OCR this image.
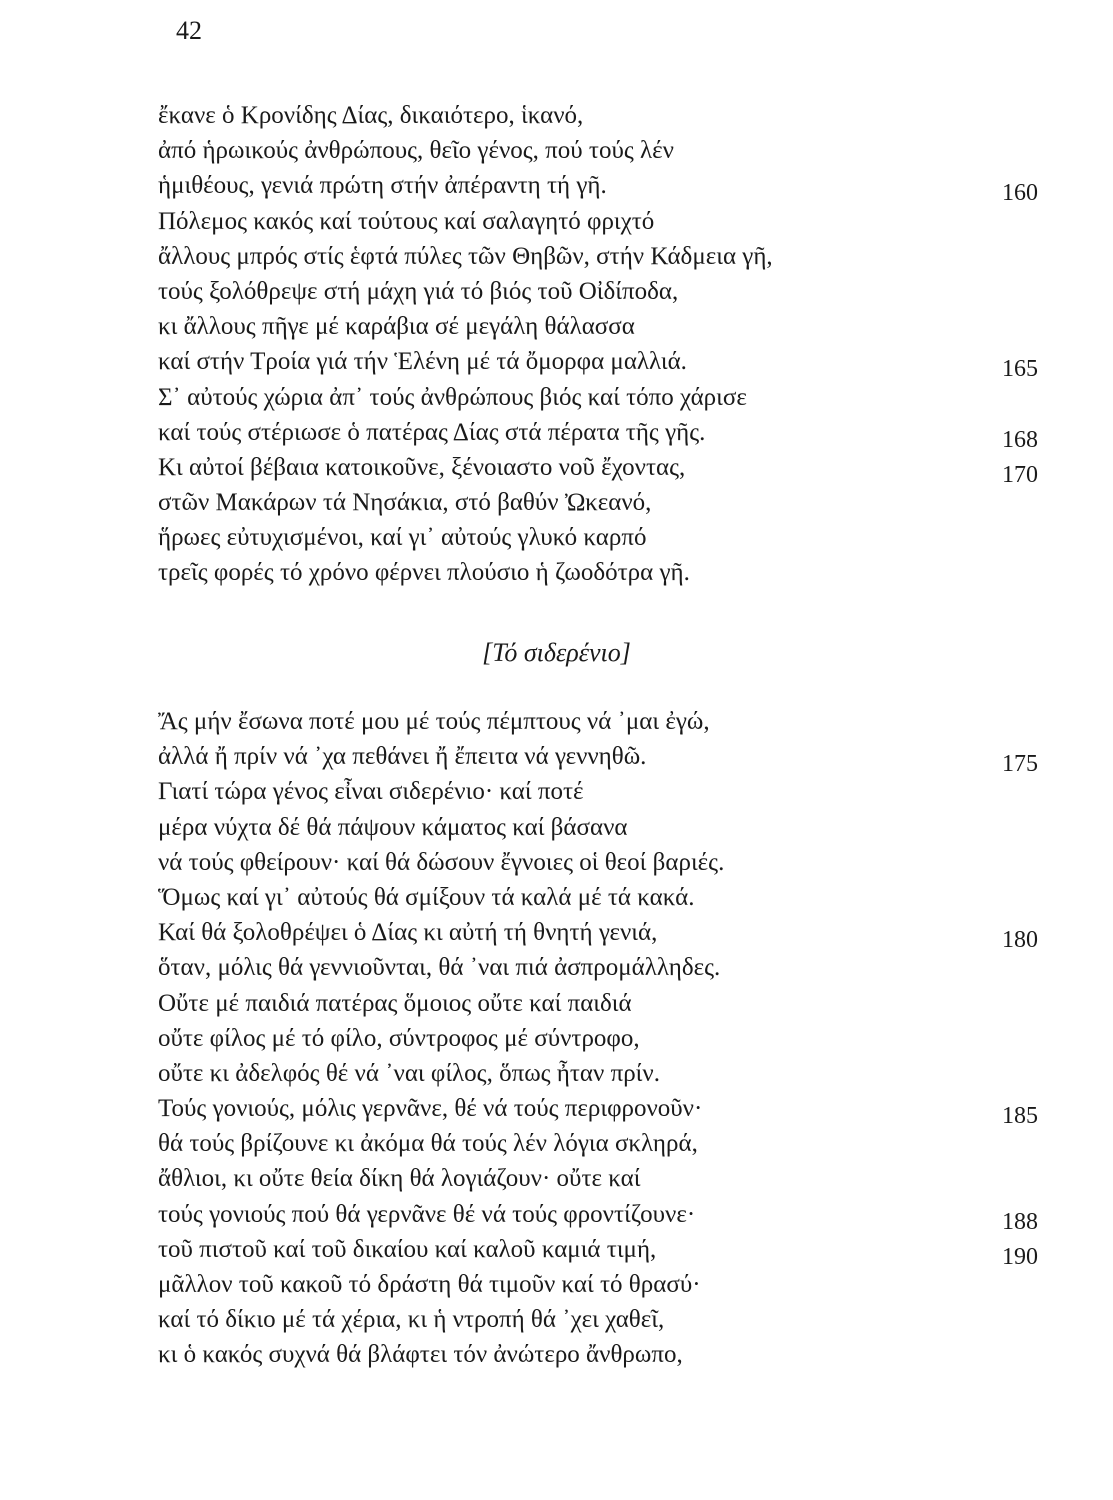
42
ἔκανε ὁ Κρονίδης Δίας, δικαιότερο, ἱκανό,
ἀπό ἡρωικούς ἀνθρώπους, θεῖο γένος, πού τούς λέν
ἡμιθέους, γενιά πρώτη στήν ἀπέραντη τή γῆ.	160
Πόλεμος κακός καί τούτους καί σαλαγητό φριχτό
ἄλλους μπρός στίς ἑφτά πύλες τῶν Θηβῶν, στήν Κάδμεια γῆ,
τούς ξολόθρεψε στή μάχη γιά τό βιός τοῦ Οἰδίποδα,
κι ἄλλους πῆγε μέ καράβια σέ μεγάλη θάλασσα
καί στήν Τροία γιά τήν Ἑλένη μέ τά ὄμορφα μαλλιά.	165
Σ᾽ αὐτούς χώρια ἀπ᾽ τούς ἀνθρώπους βιός καί τόπο χάρισε
καί τούς στέριωσε ὁ πατέρας Δίας στά πέρατα τῆς γῆς.	168
Κι αὐτοί βέβαια κατοικοῦνε, ξένοιαστο νοῦ ἔχοντας,	170
στῶν Μακάρων τά Νησάκια, στό βαθύν Ὠκεανό,
ἥρωες εὐτυχισμένοι, καί γι᾽ αὐτούς γλυκό καρπό
τρεῖς φορές τό χρόνο φέρνει πλούσιο ἡ ζωοδότρα γῆ.
[Τό σιδερένιο]
Ἄς μήν ἔσωνα ποτέ μου μέ τούς πέμπτους νά ᾽μαι ἐγώ,
ἀλλά ἤ πρίν νά ᾽χα πεθάνει ἤ ἔπειτα νά γεννηθῶ.	175
Γιατί τώρα γένος εἶναι σιδερένιο· καί ποτέ
μέρα νύχτα δέ θά πάψουν κάματος καί βάσανα
νά τούς φθείρουν· καί θά δώσουν ἔγνοιες οἱ θεοί βαριές.
Ὅμως καί γι᾽ αὐτούς θά σμίξουν τά καλά μέ τά κακά.
Καί θά ξολοθρέψει ὁ Δίας κι αὐτή τή θνητή γενιά,	180
ὅταν, μόλις θά γεννιοῦνται, θά ᾽ναι πιά ἀσπρομάλληδες.
Οὔτε μέ παιδιά πατέρας ὅμοιος οὔτε καί παιδιά
οὔτε φίλος μέ τό φίλο, σύντροφος μέ σύντροφο,
οὔτε κι ἀδελφός θέ νά ᾽ναι φίλος, ὅπως ἦταν πρίν.
Τούς γονιούς, μόλις γερνᾶνε, θέ νά τούς περιφρονοῦν·	185
θά τούς βρίζουνε κι ἀκόμα θά τούς λέν λόγια σκληρά,
ἄθλιοι, κι οὔτε θεία δίκη θά λογιάζουν· οὔτε καί
τούς γονιούς πού θά γερνᾶνε θέ νά τούς φροντίζουνε·	188
τοῦ πιστοῦ καί τοῦ δικαίου καί καλοῦ καμιά τιμή,	190
μᾶλλον τοῦ κακοῦ τό δράστη θά τιμοῦν καί τό θρασύ·
καί τό δίκιο μέ τά χέρια, κι ἡ ντροπή θά ᾽χει χαθεῖ,
κι ὁ κακός συχνά θά βλάφτει τόν ἀνώτερο ἄνθρωπο,
